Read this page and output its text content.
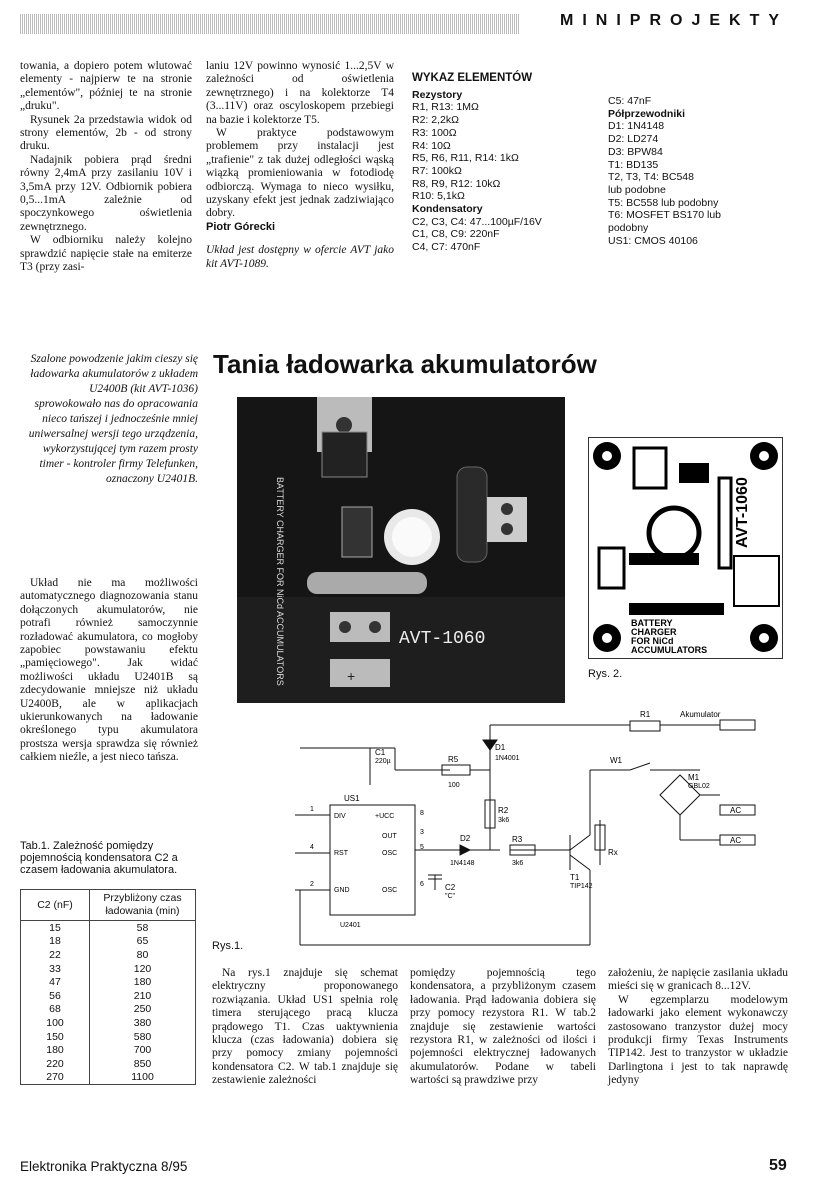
MINIPROJEKTY

towania, a dopiero potem wlutować elementy - najpierw te na stronie „elementów", później te na stronie „druku".

Rysunek 2a przedstawia widok od strony elementów, 2b - od strony druku.

Nadajnik pobiera prąd średni równy 2,4mA przy zasilaniu 10V i 3,5mA przy 12V. Odbiornik pobiera 0,5...1mA zależnie od spoczynkowego oświetlenia zewnętrznego.

W odbiorniku należy kolejno sprawdzić napięcie stałe na emiterze T3 (przy zasi-

laniu 12V powinno wynosić 1...2,5V w zależności od oświetlenia zewnętrznego) i na kolektorze T4 (3...11V) oraz oscyloskopem przebiegi na bazie i kolektorze T5.

W praktyce podstawowym problemem przy instalacji jest „trafienie" z tak dużej odległości wąską wiązką promieniowania w fotodiodę odbiorczą. Wymaga to nieco wysiłku, uzyskany efekt jest jednak zadziwiająco dobry.

Piotr Górecki

Układ jest dostępny w ofercie AVT jako kit AVT-1089.

WYKAZ ELEMENTÓW
Rezystory
R1, R13: 1MΩ
R2: 2,2kΩ
R3: 100Ω
R4: 10Ω
R5, R6, R11, R14: 1kΩ
R7: 100kΩ
R8, R9, R12: 10kΩ
R10: 5,1kΩ
Kondensatory
C2, C3, C4: 47...100µF/16V
C1, C8, C9: 220nF
C4, C7: 470nF
C5: 47nF
Półprzewodniki
D1: 1N4148
D2: LD274
D3: BPW84
T1: BD135
T2, T3, T4: BC548
lub podobne
T5: BC558 lub podobny
T6: MOSFET BS170 lub
podobny
US1: CMOS 40106
Szalone powodzenie jakim cieszy się ładowarka akumulatorów z układem U2400B (kit AVT-1036) sprowokowało nas do opracowania nieco tańszej i jednocześnie mniej uniwersalnej wersji tego urządzenia, wykorzystującej tym razem prosty timer - kontroler firmy Telefunken, oznaczony U2401B.
Tania ładowarka akumulatorów

Układ nie ma możliwości automatycznego diagnozowania stanu dołączonych akumulatorów, nie potrafi również samoczynnie rozładować akumulatora, co mogłoby zapobiec powstawaniu efektu „pamięciowego". Jak widać możliwości układu U2401B są zdecydowanie mniejsze niż układu U2400B, ale w aplikacjach ukierunkowanych na ładowanie określonego typu akumulatora prostsza wersja sprawdza się również całkiem nieźle, a jest nieco tańsza.

Tab.1. Zależność pomiędzy pojemnością kondensatora C2 a czasem ładowania akumulatora.
C2 (nF)	Przybliżony czas ładowania (min)
15	58
18	65
22	80
33	120
47	180
56	210
68	250
100	380
150	580
180	700
220	850
270	1100
+
AVT-1060
BATTERY CHARGER FOR NiCd ACCUMULATORS	BATTERY
CHARGER
FOR NiCd
ACCUMULATORS
AVT-1060
Rys. 2.
Akumulator
R1
D1
1N4001
C1
220µ	R5
100
W1
M1
GBL02
AC
AC
US1
DIV	+UCC
OUT
RST	OSC
GND	OSC
U2401
R2
3k6
R3
3k6
D2
1N4148
C2
"C"
T1
TIP142
Rx
1
4
2
8
3
5
6
Rys.1.

Na rys.1 znajduje się schemat elektryczny proponowanego rozwiązania. Układ US1 spełnia rolę timera sterującego pracą klucza prądowego T1. Czas uaktywnienia klucza (czas ładowania) dobiera się przy pomocy zmiany pojemności kondensatora C2. W tab.1 znajduje się zestawienie zależności

pomiędzy pojemnością tego kondensatora, a przybliżonym czasem ładowania. Prąd ładowania dobiera się przy pomocy rezystora R1. W tab.2 znajduje się zestawienie wartości rezystora R1, w zależności od ilości i pojemności elektrycznej ładowanych akumulatorów. Podane w tabeli wartości są prawdziwe przy

założeniu, że napięcie zasilania układu mieści się w granicach 8...12V.

W egzemplarzu modelowym ładowarki jako element wykonawczy zastosowano tranzystor dużej mocy produkcji firmy Texas Instruments TIP142. Jest to tranzystor w układzie Darlingtona i jest to tak naprawdę jedyny

Elektronika Praktyczna 8/95	59
